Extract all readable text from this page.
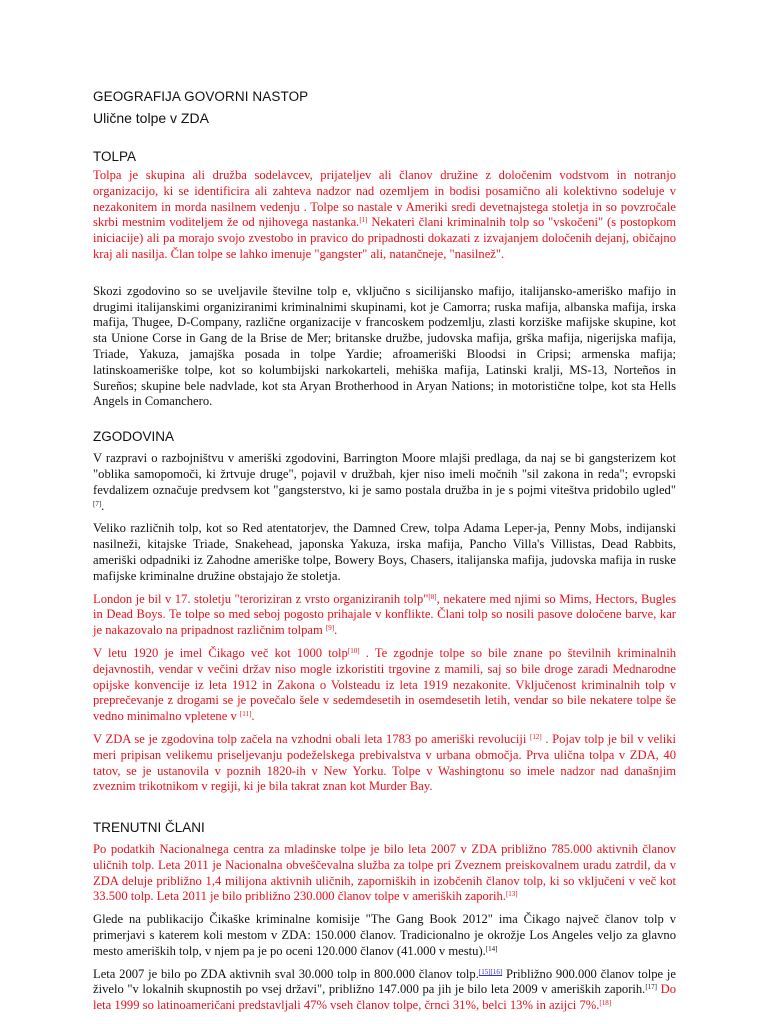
GEOGRAFIJA GOVORNI NASTOP
Ulične tolpe v ZDA
TOLPA

Tolpa je skupina ali družba sodelavcev, prijateljev ali članov družine z določenim vodstvom in notranjo organizacijo, ki se identificira ali zahteva nadzor nad ozemljem in bodisi posamično ali kolektivno sodeluje v nezakonitem in morda nasilnem vedenju . Tolpe so nastale v Ameriki sredi devetnajstega stoletja in so povzročale skrbi mestnim voditeljem že od njihovega nastanka.[1] Nekateri člani kriminalnih tolp so "vskočeni" (s postopkom iniciacije) ali pa morajo svojo zvestobo in pravico do pripadnosti dokazati z izvajanjem določenih dejanj, običajno kraj ali nasilja. Član tolpe se lahko imenuje "gangster" ali, natančneje, "nasilnež".

Skozi zgodovino so se uveljavile številne tolp e, vključno s sicilijansko mafijo, italijansko-ameriško mafijo in drugimi italijanskimi organiziranimi kriminalnimi skupinami, kot je Camorra; ruska mafija, albanska mafija, irska mafija, Thugee, D-Company, različne organizacije v francoskem podzemlju, zlasti korziške mafijske skupine, kot sta Unione Corse in Gang de la Brise de Mer; britanske družbe, judovska mafija, grška mafija, nigerijska mafija, Triade, Yakuza, jamajška posada in tolpe Yardie; afroameriški Bloodsi in Cripsi; armenska mafija; latinskoameriške tolpe, kot so kolumbijski narkokarteli, mehiška mafija, Latinski kralji, MS-13, Norteños in Sureños; skupine bele nadvlade, kot sta Aryan Brotherhood in Aryan Nations; in motoristične tolpe, kot sta Hells Angels in Comanchero.

ZGODOVINA

V razpravi o razbojništvu v ameriški zgodovini, Barrington Moore mlajši predlaga, da naj se bi gangsterizem kot "oblika samopomoči, ki žrtvuje druge", pojavil v družbah, kjer niso imeli močnih "sil zakona in reda"; evropski fevdalizem označuje predvsem kot "gangsterstvo, ki je samo postala družba in je s pojmi viteštva pridobilo ugled"[7].

Veliko različnih tolp, kot so Red atentatorjev, the Damned Crew, tolpa Adama Leper-ja, Penny Mobs, indijanski nasilneži, kitajske Triade, Snakehead, japonska Yakuza, irska mafija, Pancho Villa's Villistas, Dead Rabbits, ameriški odpadniki iz Zahodne ameriške tolpe, Bowery Boys, Chasers, italijanska mafija, judovska mafija in ruske mafijske kriminalne družine obstajajo že stoletja.

London je bil v 17. stoletju "teroriziran z vrsto organiziranih tolp"[8], nekatere med njimi so Mims, Hectors, Bugles in Dead Boys. Te tolpe so med seboj pogosto prihajale v konflikte. Člani tolp so nosili pasove določene barve, kar je nakazovalo na pripadnost različnim tolpam [9].

V letu 1920 je imel Čikago več kot 1000 tolp[10] . Te zgodnje tolpe so bile znane po številnih kriminalnih dejavnostih, vendar v večini držav niso mogle izkoristiti trgovine z mamili, saj so bile droge zaradi Mednarodne opijske konvencije iz leta 1912 in Zakona o Volsteadu iz leta 1919 nezakonite. Vključenost kriminalnih tolp v preprečevanje z drogami se je povečalo šele v sedemdesetih in osemdesetih letih, vendar so bile nekatere tolpe še vedno minimalno vpletene v [11].

V ZDA se je zgodovina tolp začela na vzhodni obali leta 1783 po ameriški revoluciji [12] . Pojav tolp je bil v veliki meri pripisan velikemu priseljevanju podeželskega prebivalstva v urbana območja. Prva ulična tolpa v ZDA, 40 tatov, se je ustanovila v poznih 1820-ih v New Yorku. Tolpe v Washingtonu so imele nadzor nad današnjim zveznim trikotnikom v regiji, ki je bila takrat znan kot Murder Bay.

TRENUTNI ČLANI

Po podatkih Nacionalnega centra za mladinske tolpe je bilo leta 2007 v ZDA približno 785.000 aktivnih članov uličnih tolp. Leta 2011 je Nacionalna obveščevalna služba za tolpe pri Zveznem preiskovalnem uradu zatrdil, da v ZDA deluje približno 1,4 milijona aktivnih uličnih, zaporniških in izobčenih članov tolp, ki so vključeni v več kot 33.500 tolp. Leta 2011 je bilo približno 230.000 članov tolpe v ameriških zaporih.[13]

Glede na publikacijo Čikaške kriminalne komisije "The Gang Book 2012" ima Čikago največ članov tolp v primerjavi s katerem koli mestom v ZDA: 150.000 članov. Tradicionalno je okrožje Los Angeles veljo za glavno mesto ameriških tolp, v njem pa je po oceni 120.000 članov (41.000 v mestu).[14]

Leta 2007 je bilo po ZDA aktivnih sval 30.000 tolp in 800.000 članov tolp.[15][16] Približno 900.000 članov tolpe je živelo "v lokalnih skupnostih po vsej državi", približno 147.000 pa jih je bilo leta 2009 v ameriških zaporih.[17] Do leta 1999 so latinoameričani predstavljali 47% vseh članov tolpe, črnci 31%, belci 13% in azijci 7%.[18]
